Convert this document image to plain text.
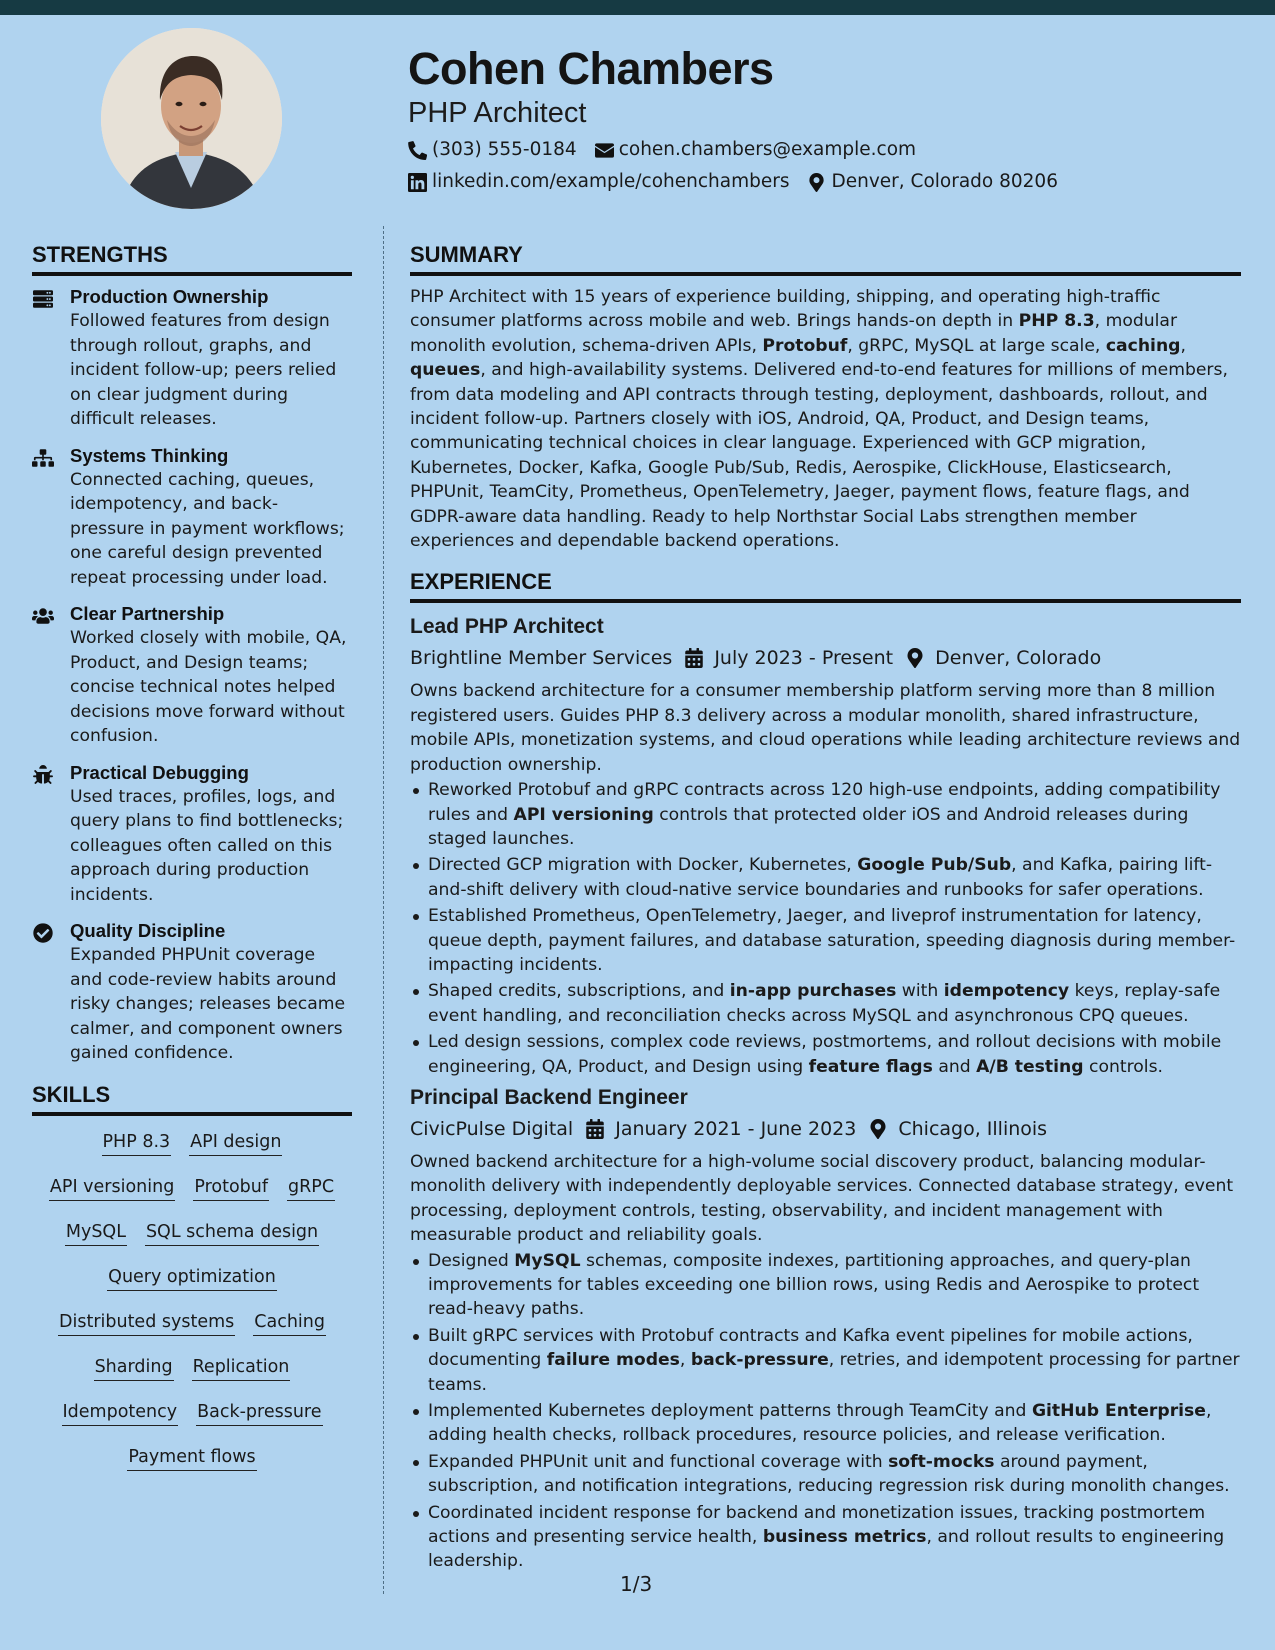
Cohen Chambers
PHP Architect
(303) 555-0184 cohen.chambers@example.com
linkedin.com/example/cohenchambers Denver, Colorado 80206
STRENGTHS
Production Ownership
Followed features from design through rollout, graphs, and incident follow-up; peers relied on clear judgment during difficult releases.
Systems Thinking
Connected caching, queues, idempotency, and back-pressure in payment workflows; one careful design prevented repeat processing under load.
Clear Partnership
Worked closely with mobile, QA, Product, and Design teams; concise technical notes helped decisions move forward without confusion.
Practical Debugging
Used traces, profiles, logs, and query plans to find bottlenecks; colleagues often called on this approach during production incidents.
Quality Discipline
Expanded PHPUnit coverage and code-review habits around risky changes; releases became calmer, and component owners gained confidence.
SKILLS
PHP 8.3 API design
API versioning Protobuf gRPC
MySQL SQL schema design
Query optimization
Distributed systems Caching
Sharding Replication
Idempotency Back-pressure
Payment flows
SUMMARY
PHP Architect with 15 years of experience building, shipping, and operating high-traffic consumer platforms across mobile and web. Brings hands-on depth in PHP 8.3, modular monolith evolution, schema-driven APIs, Protobuf, gRPC, MySQL at large scale, caching, queues, and high-availability systems. Delivered end-to-end features for millions of members, from data modeling and API contracts through testing, deployment, dashboards, rollout, and incident follow-up. Partners closely with iOS, Android, QA, Product, and Design teams, communicating technical choices in clear language. Experienced with GCP migration, Kubernetes, Docker, Kafka, Google Pub/Sub, Redis, Aerospike, ClickHouse, Elasticsearch, PHPUnit, TeamCity, Prometheus, OpenTelemetry, Jaeger, payment flows, feature flags, and GDPR-aware data handling. Ready to help Northstar Social Labs strengthen member experiences and dependable backend operations.
EXPERIENCE
Lead PHP Architect
Brightline Member Services July 2023 - Present Denver, Colorado
Owns backend architecture for a consumer membership platform serving more than 8 million registered users. Guides PHP 8.3 delivery across a modular monolith, shared infrastructure, mobile APIs, monetization systems, and cloud operations while leading architecture reviews and production ownership.
Reworked Protobuf and gRPC contracts across 120 high-use endpoints, adding compatibility rules and API versioning controls that protected older iOS and Android releases during staged launches.
Directed GCP migration with Docker, Kubernetes, Google Pub/Sub, and Kafka, pairing lift-and-shift delivery with cloud-native service boundaries and runbooks for safer operations.
Established Prometheus, OpenTelemetry, Jaeger, and liveprof instrumentation for latency, queue depth, payment failures, and database saturation, speeding diagnosis during member-impacting incidents.
Shaped credits, subscriptions, and in-app purchases with idempotency keys, replay-safe event handling, and reconciliation checks across MySQL and asynchronous CPQ queues.
Led design sessions, complex code reviews, postmortems, and rollout decisions with mobile engineering, QA, Product, and Design using feature flags and A/B testing controls.
Principal Backend Engineer
CivicPulse Digital January 2021 - June 2023 Chicago, Illinois
Owned backend architecture for a high-volume social discovery product, balancing modular-monolith delivery with independently deployable services. Connected database strategy, event processing, deployment controls, testing, observability, and incident management with measurable product and reliability goals.
Designed MySQL schemas, composite indexes, partitioning approaches, and query-plan improvements for tables exceeding one billion rows, using Redis and Aerospike to protect read-heavy paths.
Built gRPC services with Protobuf contracts and Kafka event pipelines for mobile actions, documenting failure modes, back-pressure, retries, and idempotent processing for partner teams.
Implemented Kubernetes deployment patterns through TeamCity and GitHub Enterprise, adding health checks, rollback procedures, resource policies, and release verification.
Expanded PHPUnit unit and functional coverage with soft-mocks around payment, subscription, and notification integrations, reducing regression risk during monolith changes.
Coordinated incident response for backend and monetization issues, tracking postmortem actions and presenting service health, business metrics, and rollout results to engineering leadership.
1/3
